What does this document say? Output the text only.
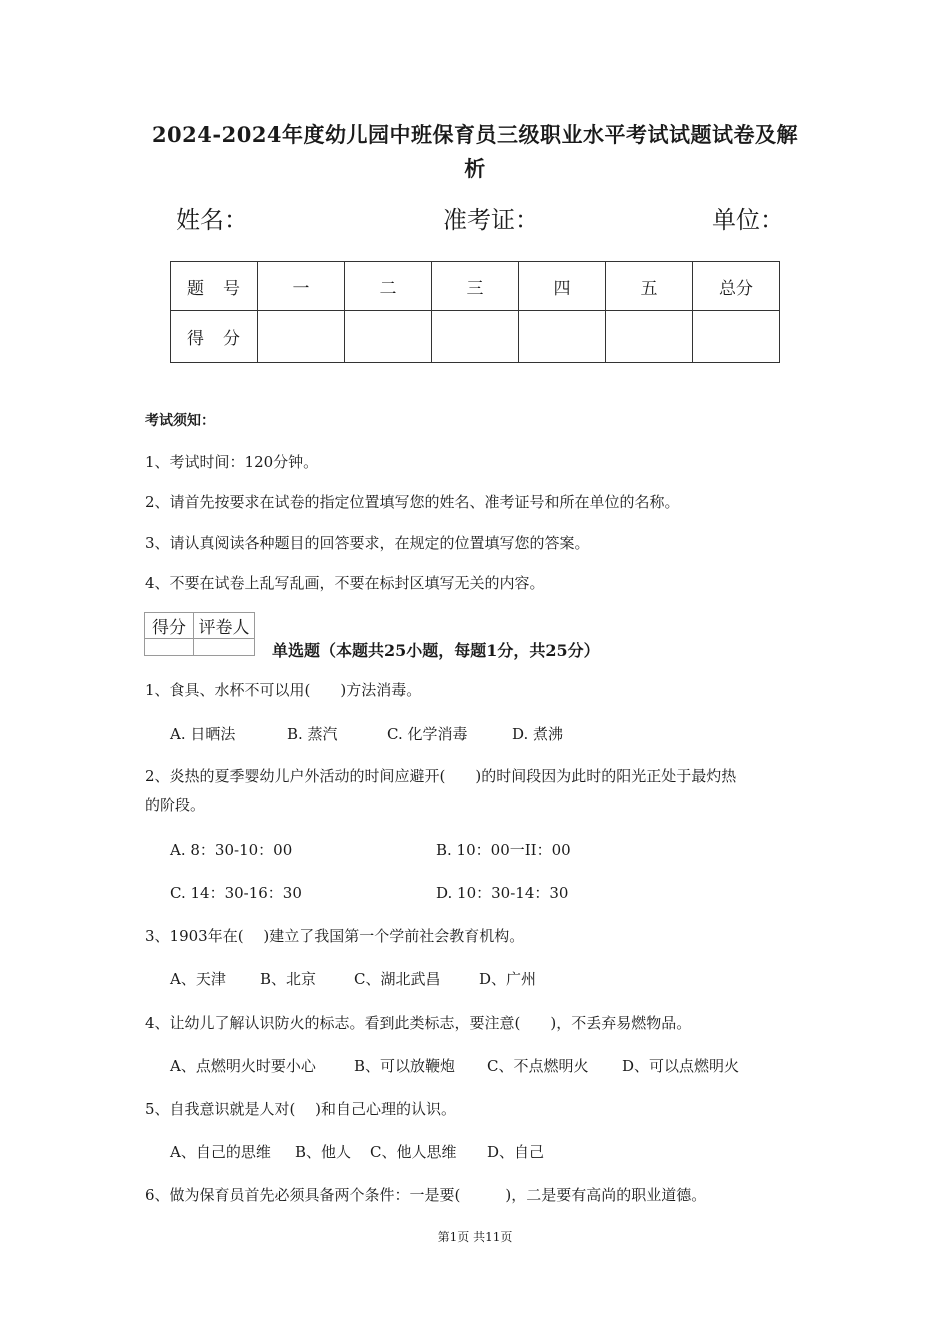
2024-2024年度幼儿园中班保育员三级职业水平考试试题试卷及解
析
姓名：	准考证：	单位：
题　号	一	二	三	四	五	总分
得　分						
考试须知：
1、考试时间：120分钟。
2、请首先按要求在试卷的指定位置填写您的姓名、准考证号和所在单位的名称。
3、请认真阅读各种题目的回答要求，在规定的位置填写您的答案。
4、不要在试卷上乱写乱画，不要在标封区填写无关的内容。
得分	评卷人

单选题（本题共25小题，每题1分，共25分）
1、食具、水杯不可以用(　　)方法消毒。
A. 日晒法	B. 蒸汽	C. 化学消毒	D. 煮沸
2、炎热的夏季婴幼儿户外活动的时间应避开(　　)的时间段因为此时的阳光正处于最灼热
的阶段。
A. 8：30-10：00	B. 10：00一II：00
C. 14：30-16：30	D. 10：30-14：30
3、1903年在(　 )建立了我国第一个学前社会教育机构。
A、天津 B、北京	C、湖北武昌	D、广州
4、让幼儿了解认识防火的标志。看到此类标志，要注意(　　)，不丢弃易燃物品。
A、点燃明火时要小心	B、可以放鞭炮 C、不点燃明火 D、可以点燃明火
5、自我意识就是人对(　 )和自己心理的认识。
A、自己的思维 B、他人 C、他人思维 D、自己
6、做为保育员首先必须具备两个条件：一是要(　　　)，二是要有高尚的职业道德。
第1页 共11页
